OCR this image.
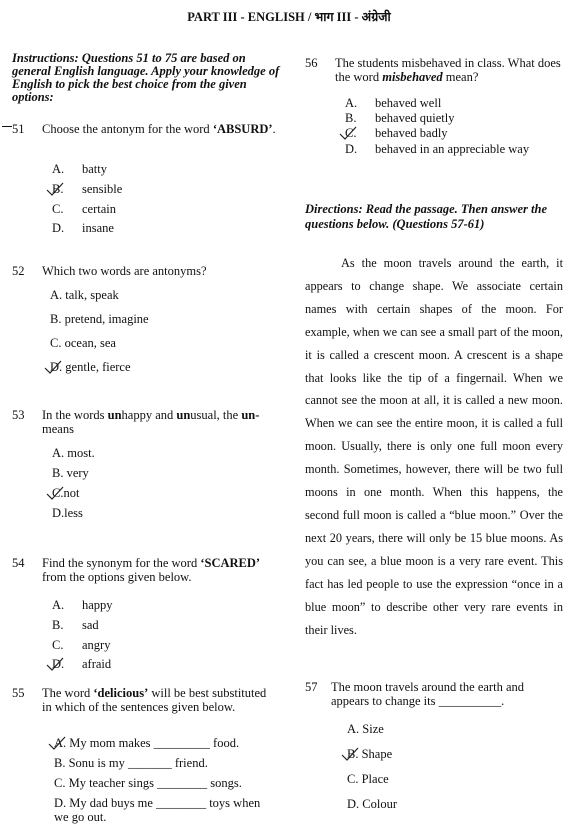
PART III - ENGLISH / भाग III - अंग्रेजी
Instructions: Questions 51 to 75 are based on general English language. Apply your knowledge of English to pick the best choice from the given options:
51	Choose the antonym for the word ‘ABSURD’.
A. batty
B. sensible
C. certain
D. insane
52	Which two words are antonyms?
A. talk, speak
B. pretend, imagine
C. ocean, sea
D. gentle, fierce
53	In the words unhappy and unusual, the un-
means
A. most.
B. very
C.not
D.less
54	Find the synonym for the word ‘SCARED’ from the options given below.
A. happy
B. sad
C. angry
D. afraid
55	The word ‘delicious’ will be best substituted in which of the sentences given below.
A. My mom makes _________ food.
B. Sonu is my _______ friend.
C. My teacher sings ________ songs.
D. My dad buys me ________ toys when we go out.
56	The students misbehaved in class. What does the word misbehaved mean?
A. behaved well
B. behaved quietly
C. behaved badly
D. behaved in an appreciable way
Directions: Read the passage. Then answer the questions below. (Questions 57-61)
As the moon travels around the earth, it appears to change shape. We associate certain names with certain shapes of the moon. For example, when we can see a small part of the moon, it is called a crescent moon. A crescent is a shape that looks like the tip of a fingernail. When we cannot see the moon at all, it is called a new moon. When we can see the entire moon, it is called a full moon. Usually, there is only one full moon every month. Sometimes, however, there will be two full moons in one month. When this happens, the second full moon is called a “blue moon.” Over the next 20 years, there will only be 15 blue moons. As you can see, a blue moon is a very rare event. This fact has led people to use the expression “once in a blue moon” to describe other very rare events in their lives.
57	The moon travels around the earth and appears to change its __________.
A. Size
B. Shape
C. Place
D. Colour
